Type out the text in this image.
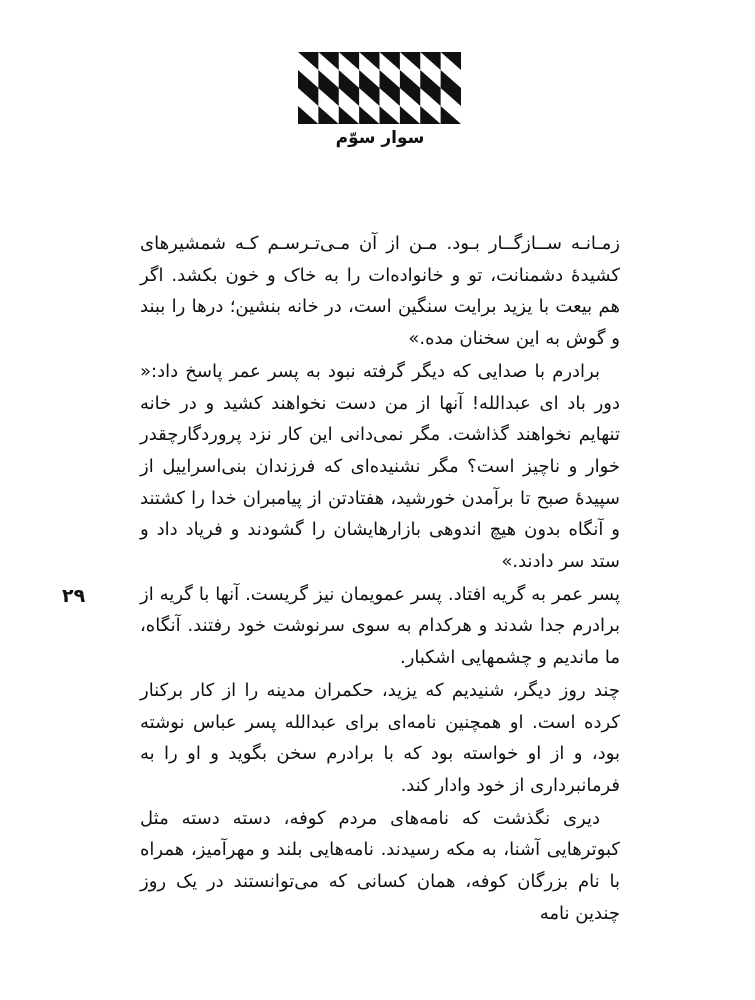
سوار سوّم

زمـانـه ســازگــار بـود. مـن از آن مـی‌تـرسـم کـه شمشیرهای کشیدهٔ دشمنانت، تو و خانواده‌ات را به خاک و خون بکشد. اگر هم بیعت با یزید برایت سنگین است، در خانه بنشین؛ درها را ببند و گوش به این سخنان مده.»

برادرم با صدایی که دیگر گرفته نبود به پسر عمر پاسخ داد:« دور باد ای عبدالله! آنها از من دست نخواهند کشید و در خانه تنهایم نخواهند گذاشت. مگر نمی‌دانی این کار نزد پروردگارچقدر خوار و ناچیز است؟ مگر نشنیده‌ای که فرزندان بنی‌اسراییل از سپیدهٔ صبح تا برآمدن خورشید، هفتادتن از پیامبران خدا را کشتند و آنگاه بدون هیچ اندوهی بازارهایشان را گشودند و فریاد داد و ستد سر دادند.»

پسر عمر به گریه افتاد. پسر عمویمان نیز گریست. آنها با گریه از برادرم جدا شدند و هرکدام به سوی سرنوشت خود رفتند. آنگاه، ما ماندیم و چشمهایی اشکبار.

چند روز دیگر، شنیدیم که یزید، حکمران مدینه را از کار برکنار کرده است. او همچنین نامه‌ای برای عبدالله پسر عباس نوشته بود، و از او خواسته بود که با برادرم سخن بگوید و او را به فرمانبرداری از خود وادار کند.

دیری نگذشت که نامه‌های مردم کوفه، دسته دسته مثل کبوترهایی آشنا، به مکه رسیدند. نامه‌هایی بلند و مهرآمیز، همراه با نام بزرگان کوفه، همان کسانی که می‌توانستند در یک روز چندین نامه

۲۹
